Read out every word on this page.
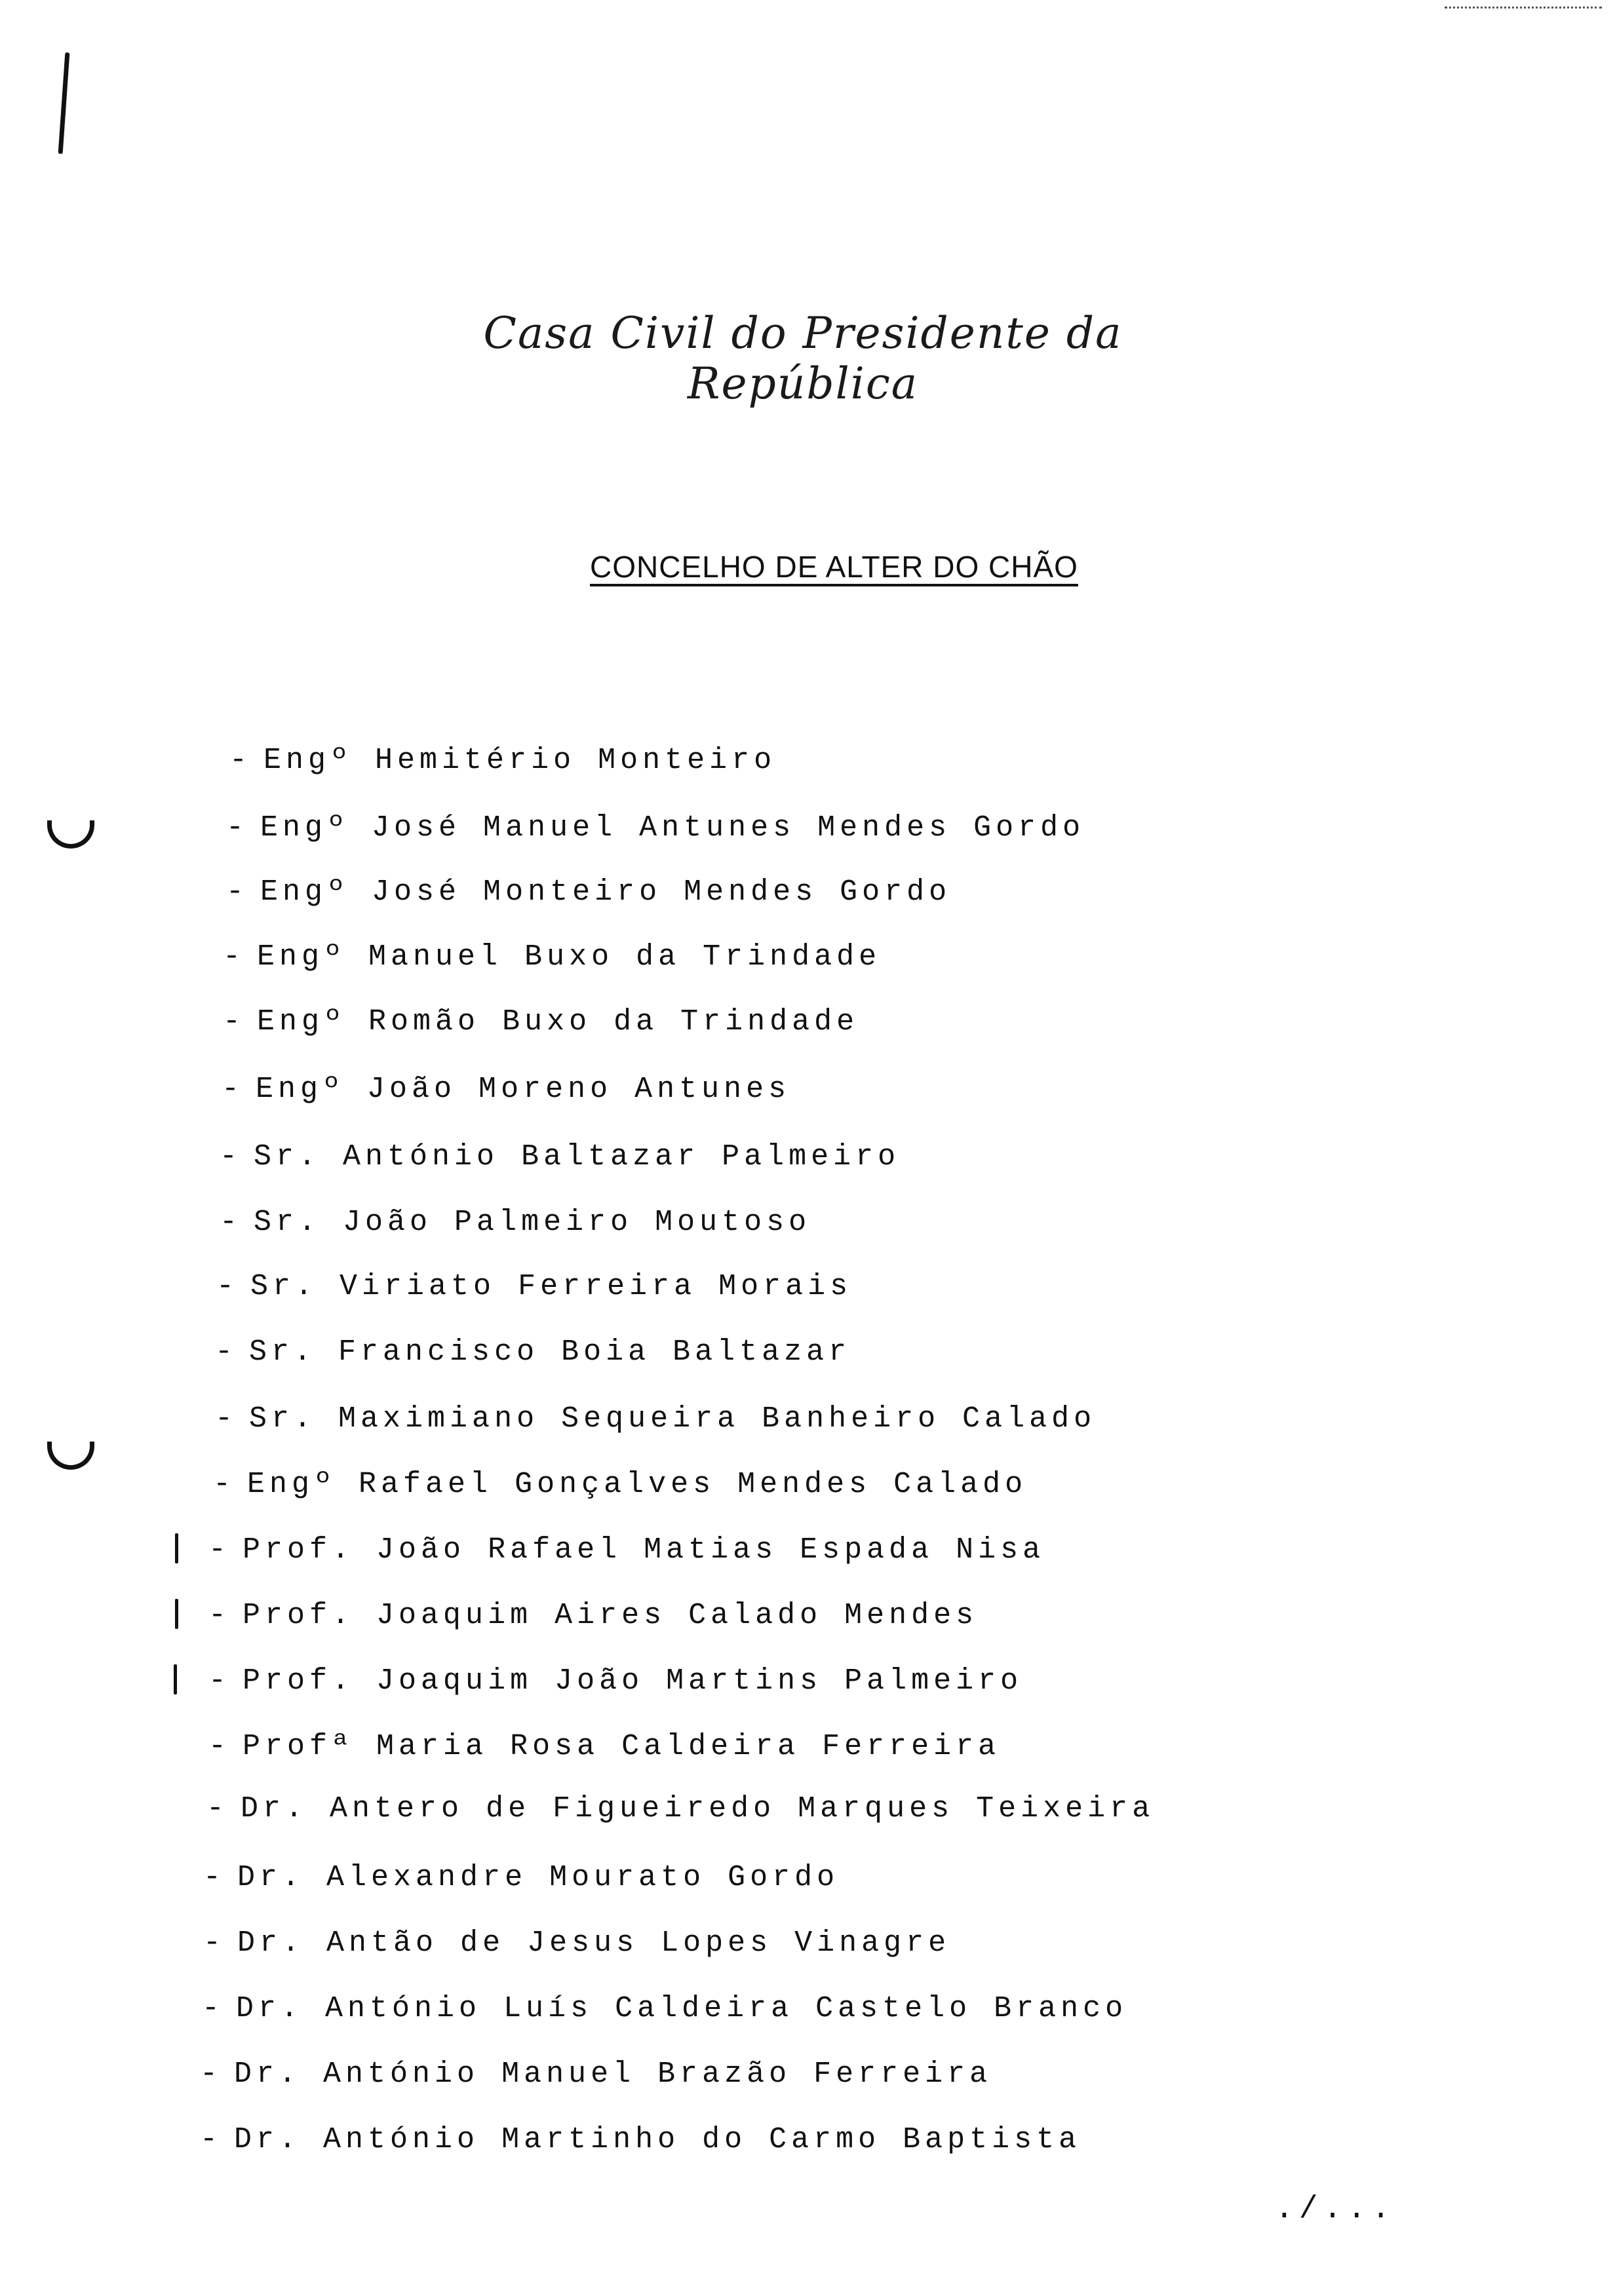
Casa Civil do Presidente da República
CONCELHO DE ALTER DO CHÃO
- Engº Hemitério Monteiro
- Engº José Manuel Antunes Mendes Gordo
- Engº José Monteiro Mendes Gordo
- Engº Manuel Buxo da Trindade
- Engº Romão Buxo da Trindade
- Engº João Moreno Antunes
- Sr. António Baltazar Palmeiro
- Sr. João Palmeiro Moutoso
- Sr. Viriato Ferreira Morais
- Sr. Francisco Boia Baltazar
- Sr. Maximiano Sequeira Banheiro Calado
- Engº Rafael Gonçalves Mendes Calado
- Prof. João Rafael Matias Espada Nisa
- Prof. Joaquim Aires Calado Mendes
- Prof. Joaquim João Martins Palmeiro
- Profª Maria Rosa Caldeira Ferreira
- Dr. Antero de Figueiredo Marques Teixeira
- Dr. Alexandre Mourato Gordo
- Dr. Antão de Jesus Lopes Vinagre
- Dr. António Luís Caldeira Castelo Branco
- Dr. António Manuel Brazão Ferreira
- Dr. António Martinho do Carmo Baptista
./...
